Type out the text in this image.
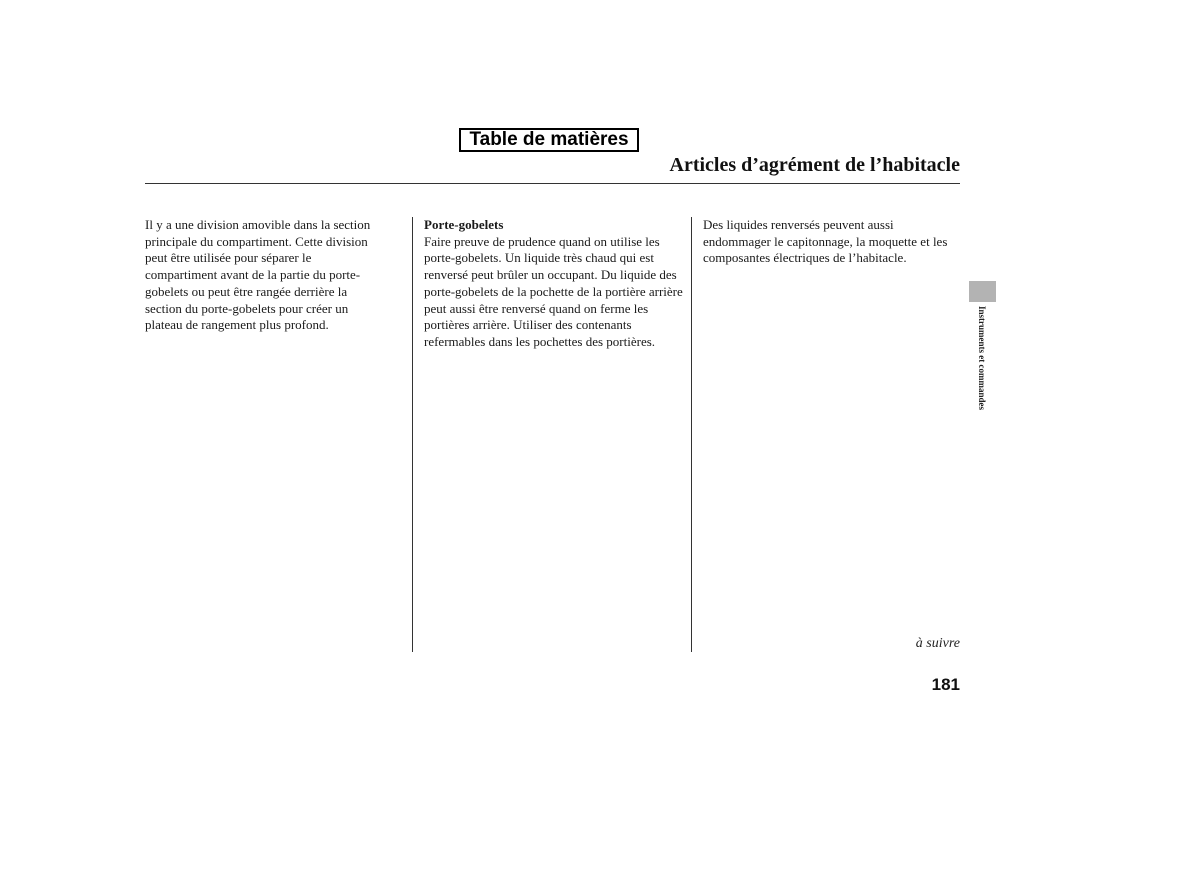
Table de matières
Articles d’agrément de l’habitacle

Il y a une division amovible dans la section principale du compartiment. Cette division peut être utilisée pour séparer le compartiment avant de la partie du porte-gobelets ou peut être rangée derrière la section du porte-gobelets pour créer un plateau de rangement plus profond.

Porte-gobelets

Faire preuve de prudence quand on utilise les porte-gobelets. Un liquide très chaud qui est renversé peut brûler un occupant. Du liquide des porte-gobelets de la pochette de la portière arrière peut aussi être renversé quand on ferme les portières arrière. Utiliser des contenants refermables dans les pochettes des portières.

Des liquides renversés peuvent aussi endommager le capitonnage, la moquette et les composantes électriques de l’habitacle.

Instruments et commandes
à suivre
181
